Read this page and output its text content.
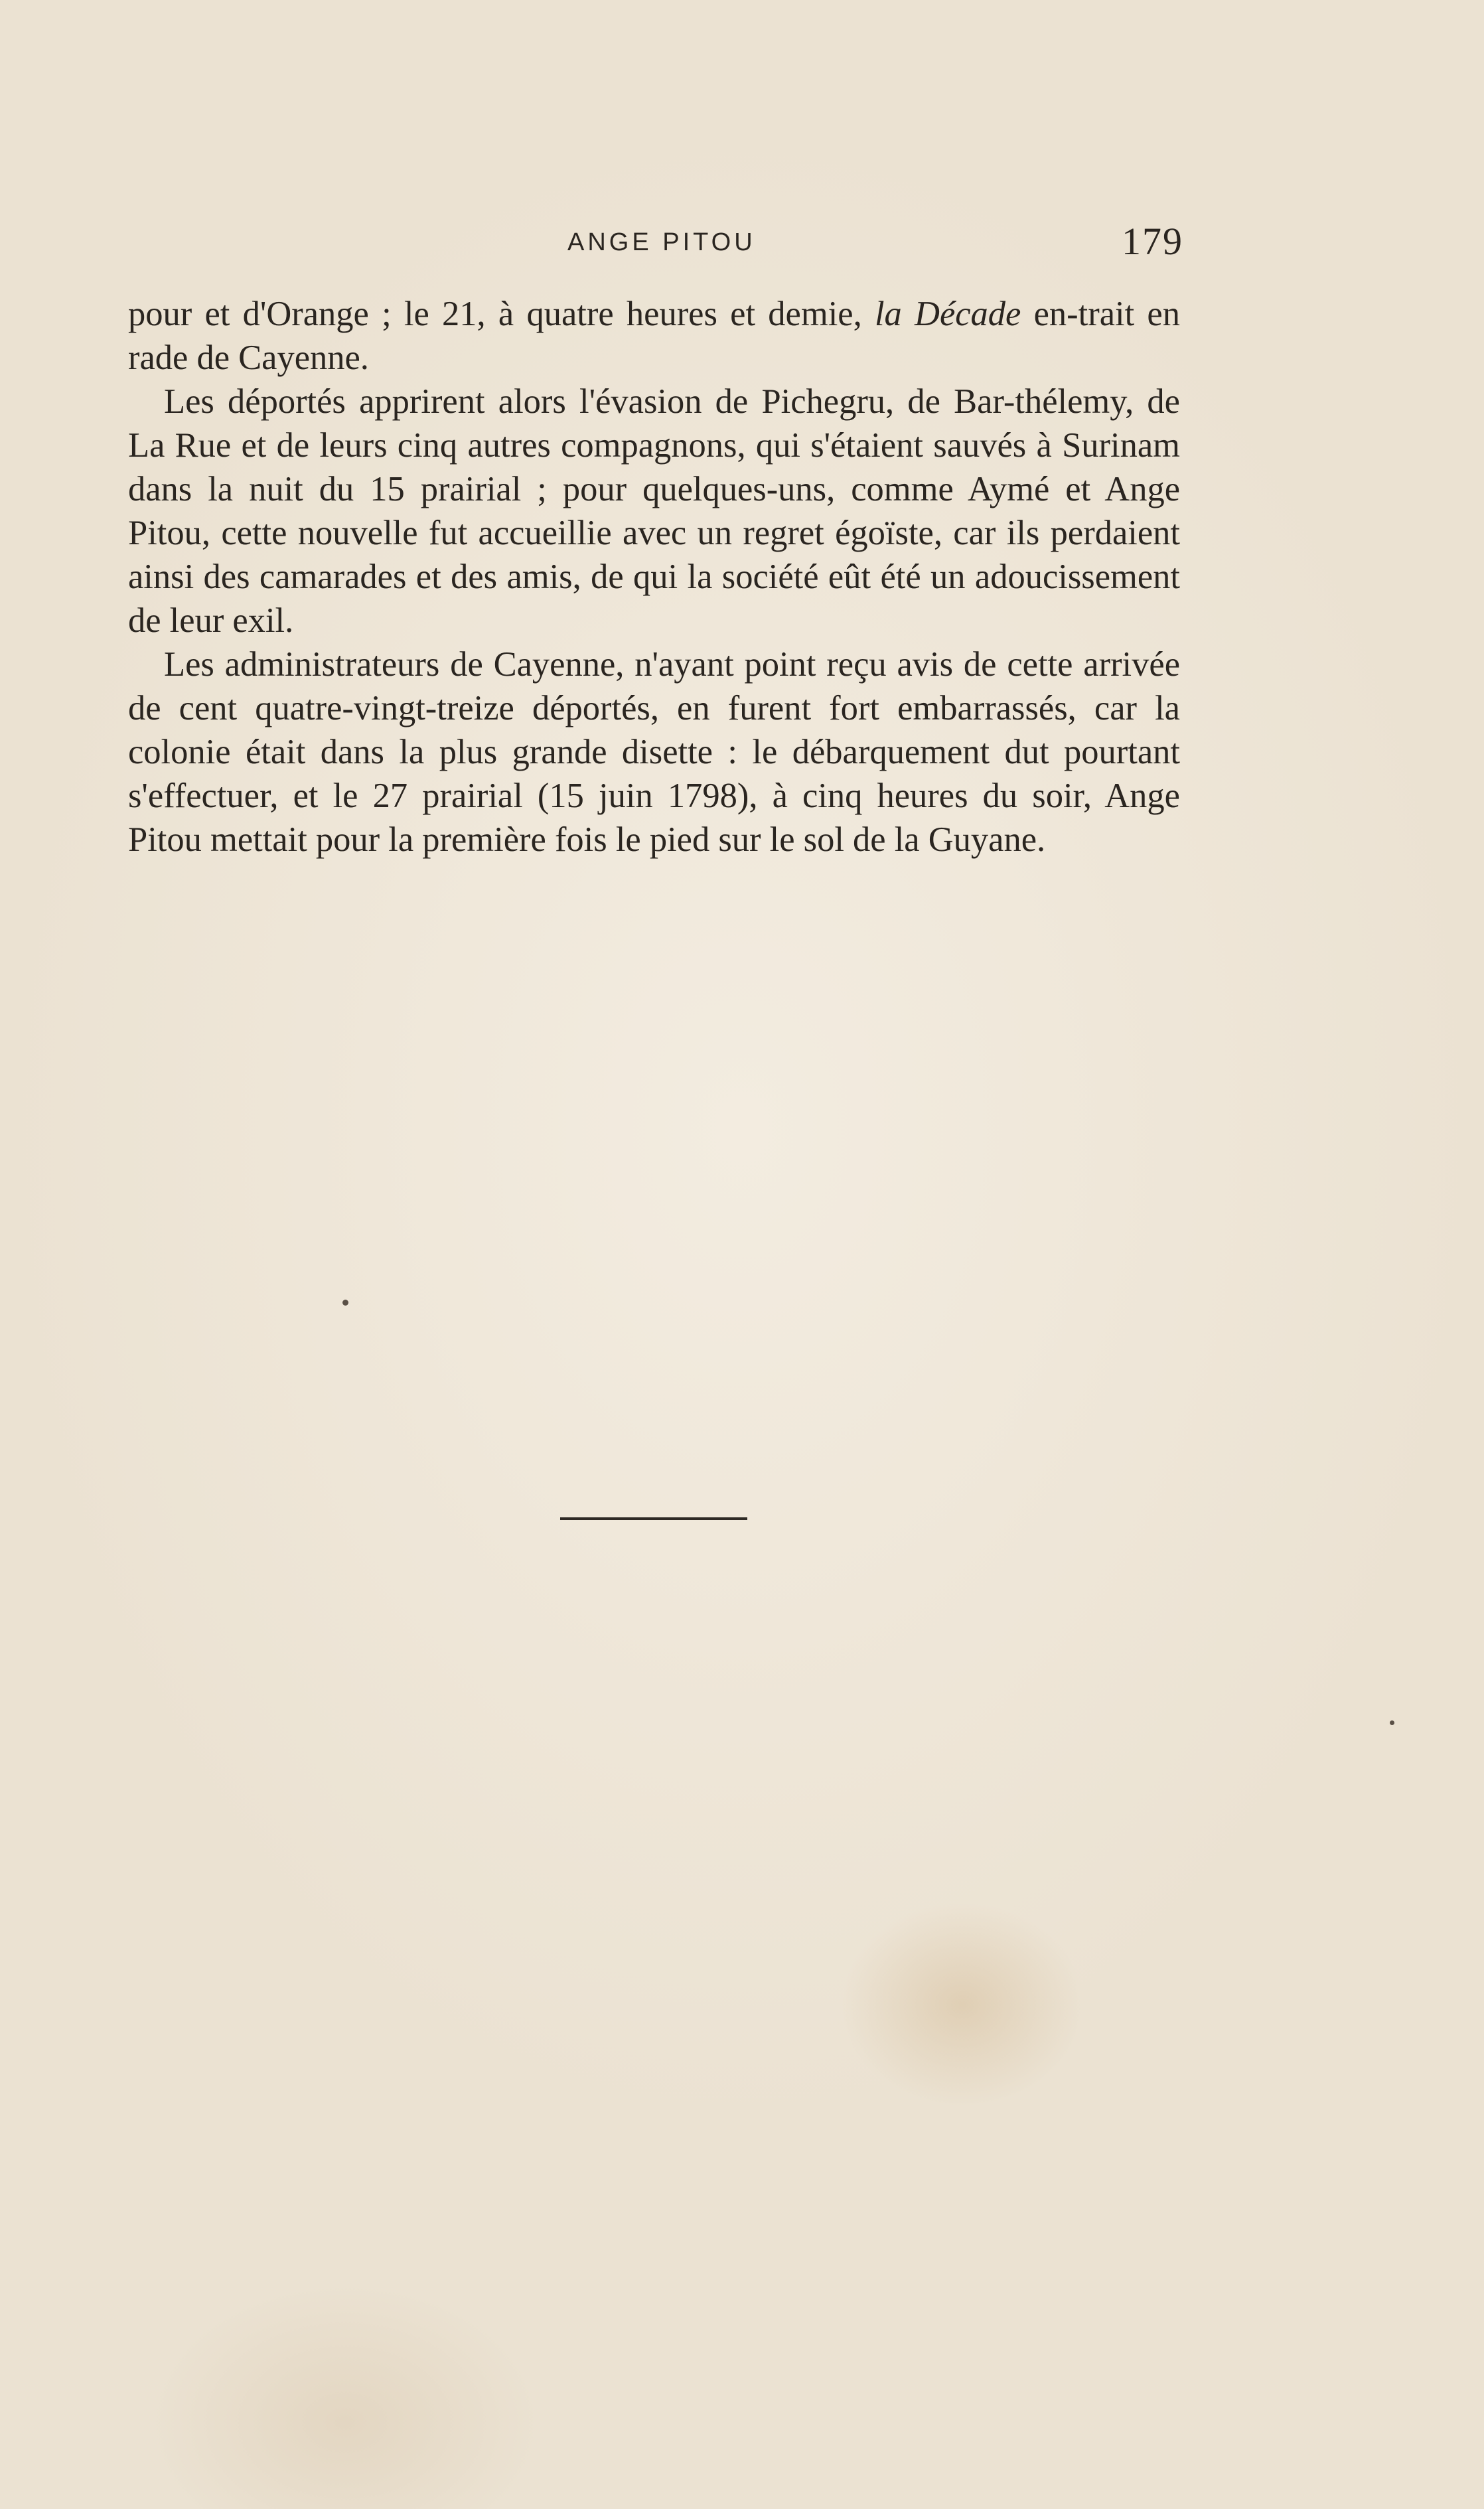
ANGE PITOU	179

pour et d'Orange ; le 21, à quatre heures et demie, la Décade en-trait en rade de Cayenne.

Les déportés apprirent alors l'évasion de Pichegru, de Bar-thélemy, de La Rue et de leurs cinq autres compagnons, qui s'étaient sauvés à Surinam dans la nuit du 15 prairial ; pour quelques-uns, comme Aymé et Ange Pitou, cette nouvelle fut accueillie avec un regret égoïste, car ils perdaient ainsi des camarades et des amis, de qui la société eût été un adoucissement de leur exil.

Les administrateurs de Cayenne, n'ayant point reçu avis de cette arrivée de cent quatre-vingt-treize déportés, en furent fort embarrassés, car la colonie était dans la plus grande disette : le débarquement dut pourtant s'effectuer, et le 27 prairial (15 juin 1798), à cinq heures du soir, Ange Pitou mettait pour la première fois le pied sur le sol de la Guyane.
